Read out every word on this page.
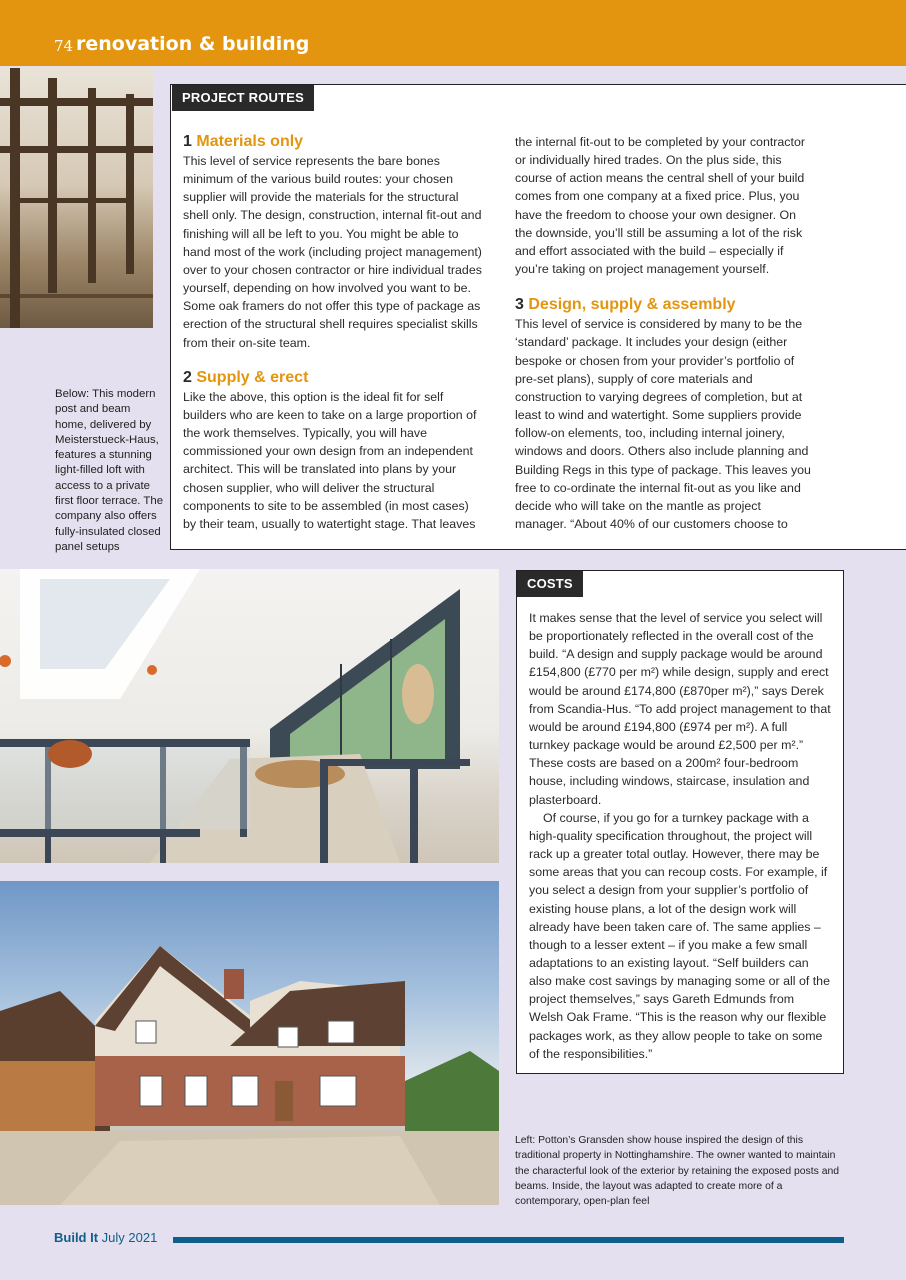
74 renovation & building
Below: This modern post and beam home, delivered by Meisterstueck-Haus, features a stunning light-filled loft with access to a private first floor terrace. The company also offers fully-insulated closed panel setups
PROJECT ROUTES
1 Materials only

This level of service represents the bare bones minimum of the various build routes: your chosen supplier will provide the materials for the structural shell only. The design, construction, internal fit-out and finishing will all be left to you. You might be able to hand most of the work (including project management) over to your chosen contractor or hire individual trades yourself, depending on how involved you want to be. Some oak framers do not offer this type of package as erection of the structural shell requires specialist skills from their on-site team.

2 Supply & erect

Like the above, this option is the ideal fit for self builders who are keen to take on a large proportion of the work themselves. Typically, you will have commissioned your own design from an independent architect. This will be translated into plans by your chosen supplier, who will deliver the structural components to site to be assembled (in most cases) by their team, usually to watertight stage. That leaves

the internal fit-out to be completed by your contractor or individually hired trades. On the plus side, this course of action means the central shell of your build comes from one company at a fixed price. Plus, you have the freedom to choose your own designer. On the downside, you’ll still be assuming a lot of the risk and effort associated with the build – especially if you’re taking on project management yourself.

3 Design, supply & assembly

This level of service is considered by many to be the ‘standard’ package. It includes your design (either bespoke or chosen from your provider’s portfolio of pre-set plans), supply of core materials and construction to varying degrees of completion, but at least to wind and watertight. Some suppliers provide follow-on elements, too, including internal joinery, windows and doors. Others also include planning and Building Regs in this type of package. This leaves you free to co-ordinate the internal fit-out as you like and decide who will take on the mantle as project manager. “About 40% of our customers choose to

COSTS

It makes sense that the level of service you select will be proportionately reflected in the overall cost of the build. “A design and supply package would be around £154,800 (£770 per m²) while design, supply and erect would be around £174,800 (£870per m²),” says Derek from Scandia-Hus. “To add project management to that would be around £194,800 (£974 per m²). A full turnkey package would be around £2,500 per m².” These costs are based on a 200m² four-bedroom house, including windows, staircase, insulation and plasterboard.

Of course, if you go for a turnkey package with a high-quality specification throughout, the project will rack up a greater total outlay. However, there may be some areas that you can recoup costs. For example, if you select a design from your supplier’s portfolio of existing house plans, a lot of the design work will already have been taken care of. The same applies – though to a lesser extent – if you make a few small adaptations to an existing layout. “Self builders can also make cost savings by managing some or all of the project themselves,” says Gareth Edmunds from Welsh Oak Frame. “This is the reason why our flexible packages work, as they allow people to take on some of the responsibilities.”

Left: Potton’s Gransden show house inspired the design of this traditional property in Nottinghamshire. The owner wanted to maintain the characterful look of the exterior by retaining the exposed posts and beams. Inside, the layout was adapted to create more of a contemporary, open-plan feel
Build It July 2021
